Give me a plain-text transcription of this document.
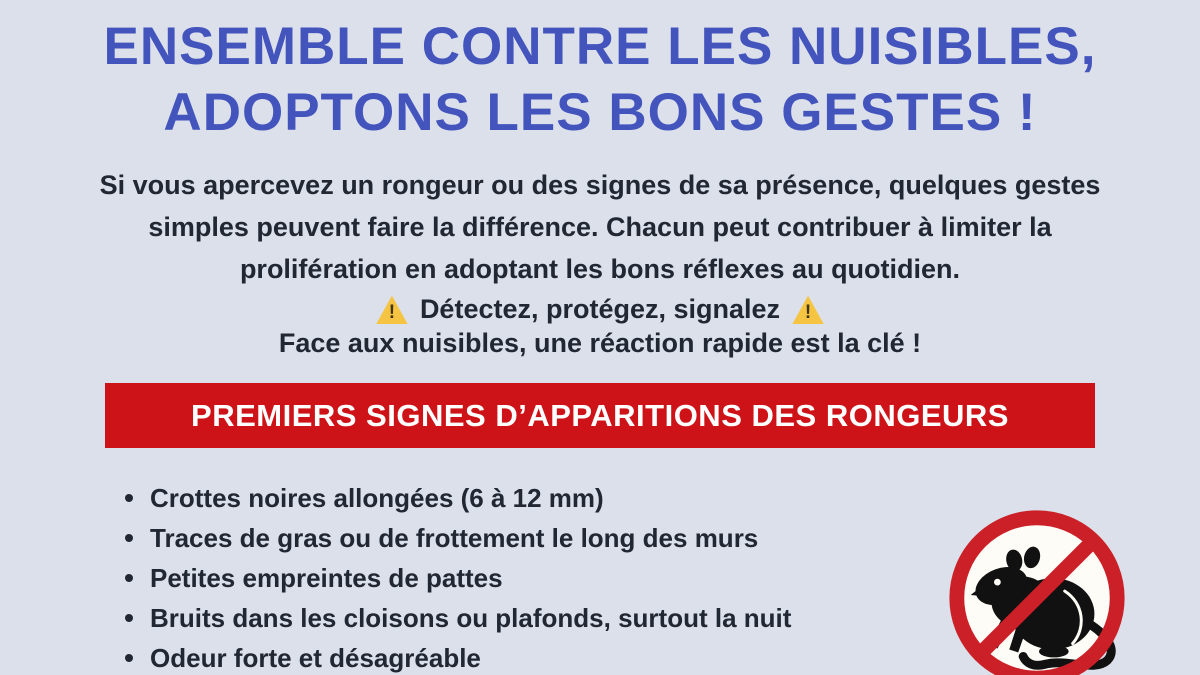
ENSEMBLE CONTRE LES NUISIBLES,
ADOPTONS LES BONS GESTES !
Si vous apercevez un rongeur ou des signes de sa présence, quelques gestes
simples peuvent faire la différence. Chacun peut contribuer à limiter la
prolifération en adoptant les bons réflexes au quotidien.
!
Détectez, protégez, signalez
!
Face aux nuisibles, une réaction rapide est la clé !
PREMIERS SIGNES D’APPARITIONS DES RONGEURS
Crottes noires allongées (6 à 12 mm)
Traces de gras ou de frottement le long des murs
Petites empreintes de pattes
Bruits dans les cloisons ou plafonds, surtout la nuit
Odeur forte et désagréable
